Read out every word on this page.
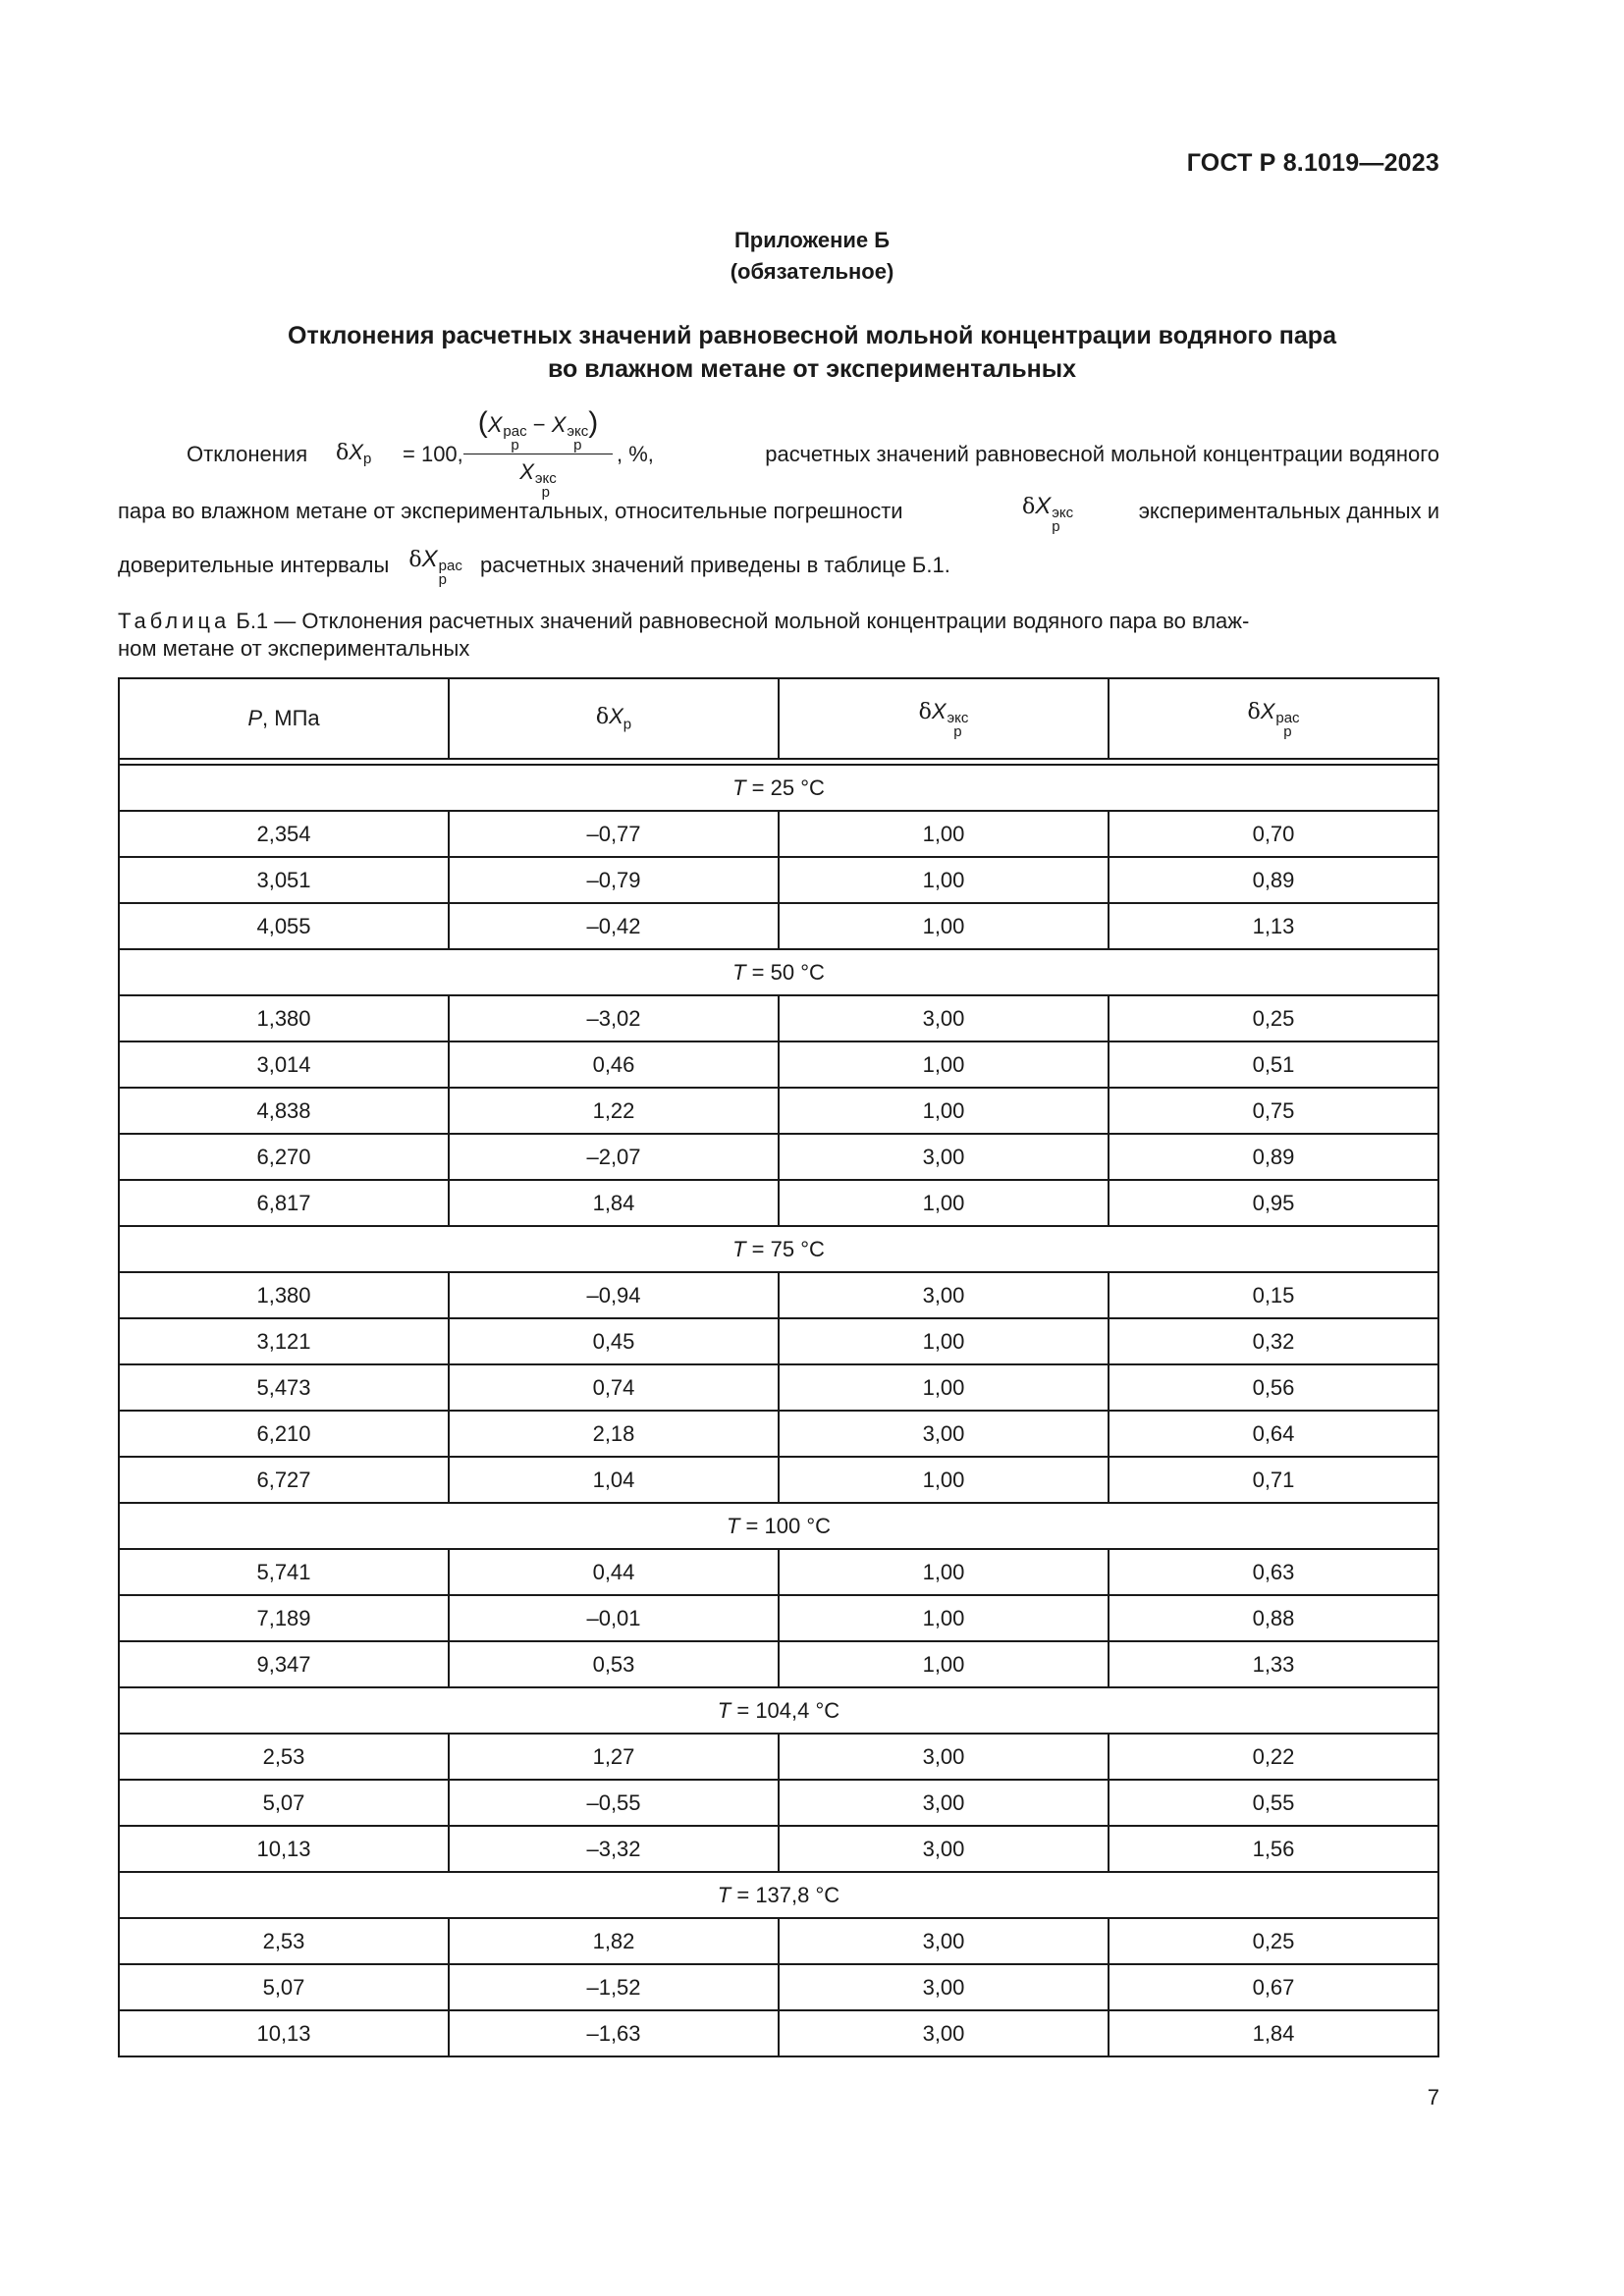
ГОСТ Р 8.1019—2023
Приложение Б
(обязательное)
Отклонения расчетных значений равновесной мольной концентрации водяного пара
во влажном метане от экспериментальных
Отклонения $\delta X_р = 100$,
(X рас
р
− X экс
р
)
X экс
р
, %,	расчетных значений равновесной мольной концентрации водяного
пара во влажном метане от экспериментальных, относительные погрешности	δX экс
р
экспериментальных данных и
доверительные интервалы δX рас
р
расчетных значений приведены в таблице Б.1.
Таблица Б.1 — Отклонения расчетных значений равновесной мольной концентрации водяного пара во влаж-
ном метане от экспериментальных
P, МПа	$\delta X_р$	δX экс
р	δX рас
р

T = 25 °C			
2,354	–0,77	1,00	0,70
3,051	–0,79	1,00	0,89
4,055	–0,42	1,00	1,13
T = 50 °C			
1,380	–3,02	3,00	0,25
3,014	0,46	1,00	0,51
4,838	1,22	1,00	0,75
6,270	–2,07	3,00	0,89
6,817	1,84	1,00	0,95
T = 75 °C			
1,380	–0,94	3,00	0,15
3,121	0,45	1,00	0,32
5,473	0,74	1,00	0,56
6,210	2,18	3,00	0,64
6,727	1,04	1,00	0,71
T = 100 °C			
5,741	0,44	1,00	0,63
7,189	–0,01	1,00	0,88
9,347	0,53	1,00	1,33
T = 104,4 °C			
2,53	1,27	3,00	0,22
5,07	–0,55	3,00	0,55
10,13	–3,32	3,00	1,56
T = 137,8 °C			
2,53	1,82	3,00	0,25
5,07	–1,52	3,00	0,67
10,13	–1,63	3,00	1,84
7
